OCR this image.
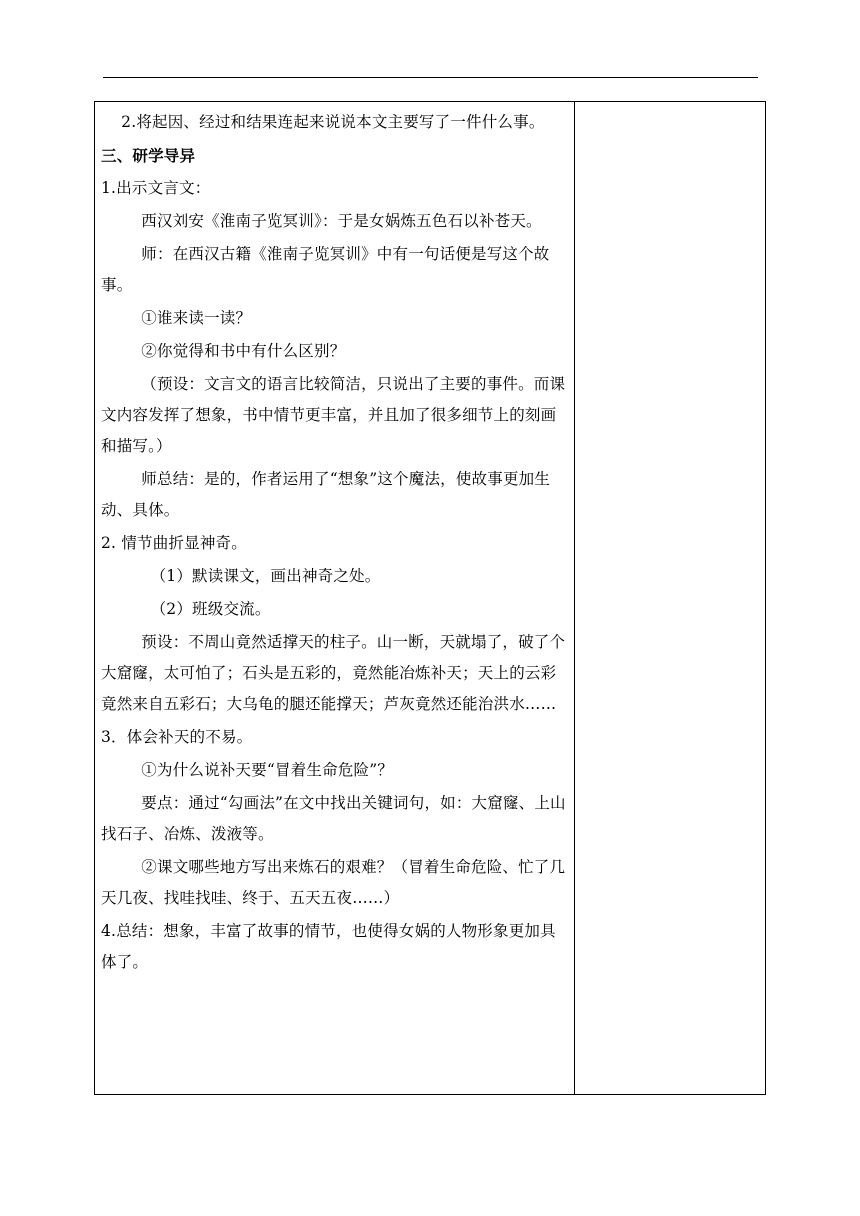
2.将起因、经过和结果连起来说说本文主要写了一件什么事。

三、研学导异

1.出示文言文：

西汉刘安《淮南子览冥训》：于是女娲炼五色石以补苍天。

师：在西汉古籍《淮南子览冥训》中有一句话便是写这个故事。

①谁来读一读？

②你觉得和书中有什么区别？

（预设：文言文的语言比较简洁，只说出了主要的事件。而课文内容发挥了想象，书中情节更丰富，并且加了很多细节上的刻画和描写。）

师总结：是的，作者运用了“想象”这个魔法，使故事更加生动、具体。

2. 情节曲折显神奇。

（1）默读课文，画出神奇之处。

（2）班级交流。

预设：不周山竟然适撑天的柱子。山一断，天就塌了，破了个大窟窿，太可怕了；石头是五彩的，竟然能冶炼补天；天上的云彩竟然来自五彩石；大乌龟的腿还能撑天；芦灰竟然还能治洪水……

3．体会补天的不易。

①为什么说补天要“冒着生命危险”？

要点：通过“勾画法”在文中找出关键词句，如：大窟窿、上山找石子、冶炼、泼液等。

②课文哪些地方写出来炼石的艰难？（冒着生命危险、忙了几天几夜、找哇找哇、终于、五天五夜……）

4.总结：想象，丰富了故事的情节，也使得女娲的人物形象更加具体了。
